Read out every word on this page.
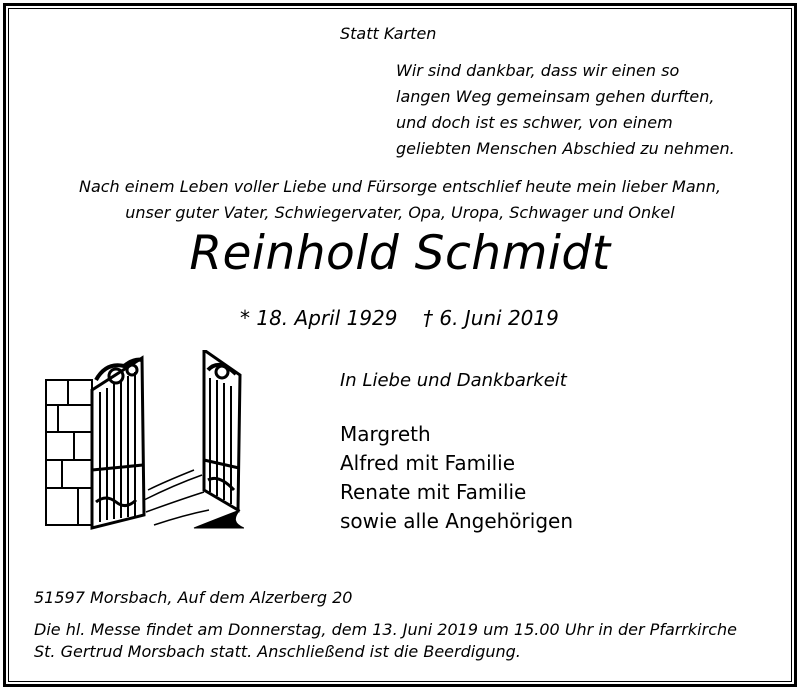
Statt Karten
Wir sind dankbar, dass wir einen so
langen Weg gemeinsam gehen durften,
und doch ist es schwer, von einem
geliebten Menschen Abschied zu nehmen.
Nach einem Leben voller Liebe und Fürsorge entschlief heute mein lieber Mann,
unser guter Vater, Schwiegervater, Opa, Uropa, Schwager und Onkel
Reinhold Schmidt
* 18. April 1929 † 6. Juni 2019
In Liebe und Dankbarkeit
Margreth
Alfred mit Familie
Renate mit Familie
sowie alle Angehörigen
51597 Morsbach, Auf dem Alzerberg 20
Die hl. Messe findet am Donnerstag, dem 13. Juni 2019 um 15.00 Uhr in der Pfarrkirche
St. Gertrud Morsbach statt. Anschließend ist die Beerdigung.
